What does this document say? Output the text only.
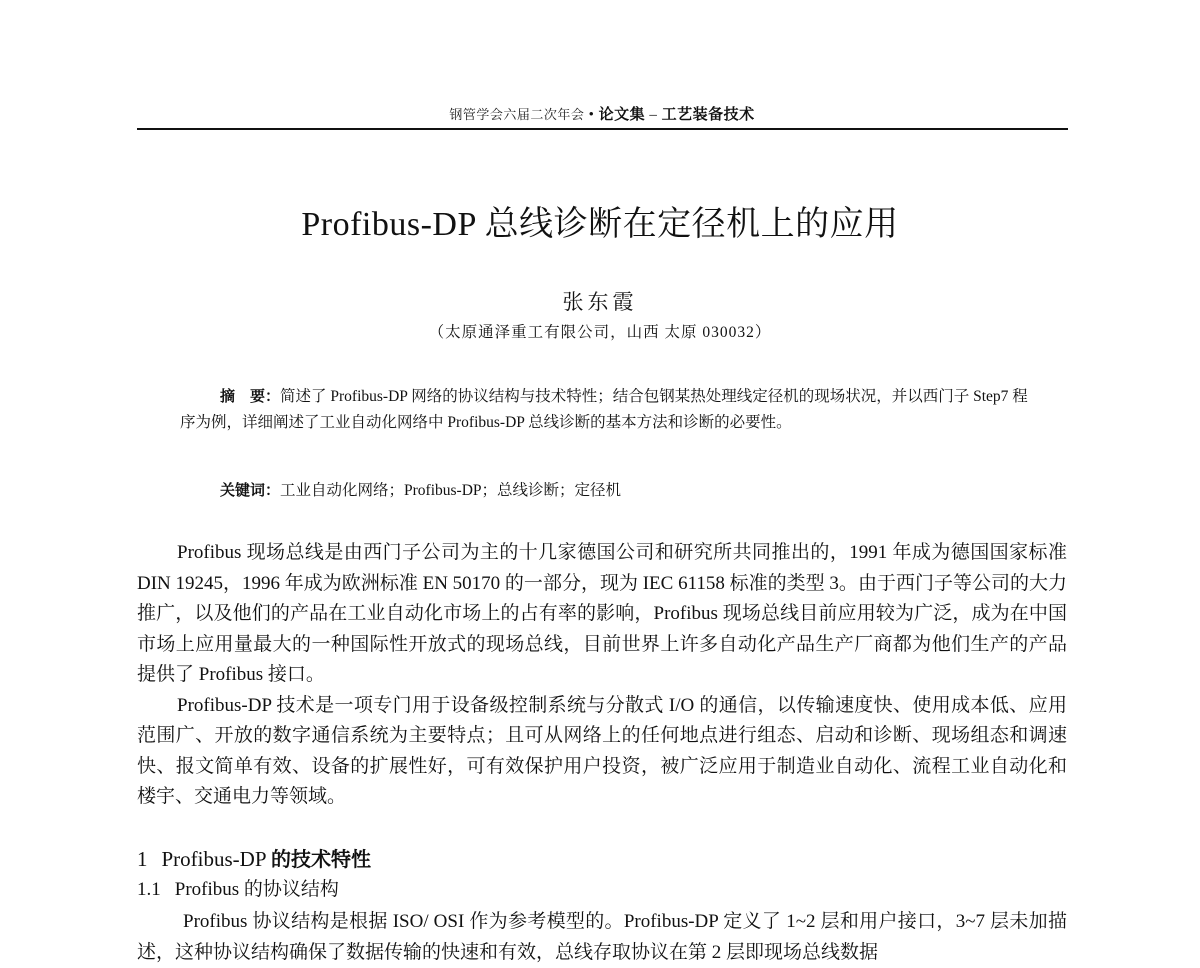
钢管学会六届二次年会 • 论文集 – 工艺装备技术
Profibus-DP 总线诊断在定径机上的应用
张东霞
（太原通泽重工有限公司，山西 太原 030032）
摘　要：简述了 Profibus-DP 网络的协议结构与技术特性；结合包钢某热处理线定径机的现场状况，并以西门子 Step7 程序为例，详细阐述了工业自动化网络中 Profibus-DP 总线诊断的基本方法和诊断的必要性。
关键词：工业自动化网络；Profibus-DP；总线诊断；定径机

Profibus 现场总线是由西门子公司为主的十几家德国公司和研究所共同推出的，1991 年成为德国国家标准 DIN 19245，1996 年成为欧洲标准 EN 50170 的一部分，现为 IEC 61158 标准的类型 3。由于西门子等公司的大力推广，以及他们的产品在工业自动化市场上的占有率的影响，Profibus 现场总线目前应用较为广泛，成为在中国市场上应用量最大的一种国际性开放式的现场总线，目前世界上许多自动化产品生产厂商都为他们生产的产品提供了 Profibus 接口。

Profibus-DP 技术是一项专门用于设备级控制系统与分散式 I/O 的通信，以传输速度快、使用成本低、应用范围广、开放的数字通信系统为主要特点；且可从网络上的任何地点进行组态、启动和诊断、现场组态和调速快、报文简单有效、设备的扩展性好，可有效保护用户投资，被广泛应用于制造业自动化、流程工业自动化和楼宇、交通电力等领域。

1 Profibus-DP 的技术特性
1.1 Profibus 的协议结构

Profibus 协议结构是根据 ISO/ OSI 作为参考模型的。Profibus-DP 定义了 1~2 层和用户接口，3~7 层未加描述，这种协议结构确保了数据传输的快速和有效，总线存取协议在第 2 层即现场总线数据
